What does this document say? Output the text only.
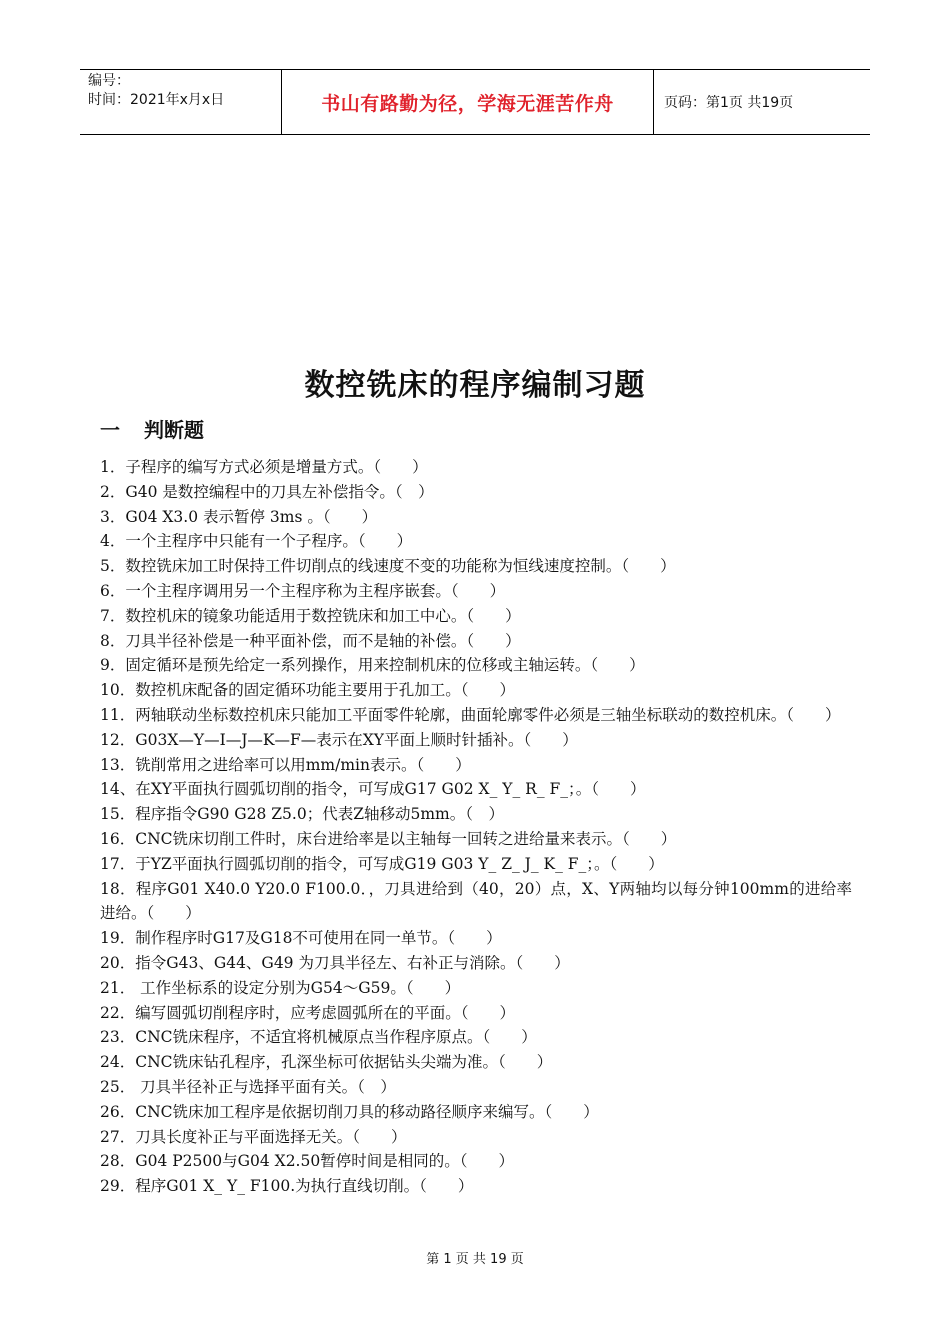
编号：
时间：2021年x月x日	书山有路勤为径，学海无涯苦作舟	页码：第1页 共19页
数控铣床的程序编制习题
一 判断题
1．子程序的编写方式必须是增量方式。（　　）
2．G40 是数控编程中的刀具左补偿指令。（　）
3．G04 X3.0 表示暂停 3ms 。（　　）
4．一个主程序中只能有一个子程序。（　　）
5．数控铣床加工时保持工件切削点的线速度不变的功能称为恒线速度控制。（　　）
6．一个主程序调用另一个主程序称为主程序嵌套。（　　）
7．数控机床的镜象功能适用于数控铣床和加工中心。（　　）
8．刀具半径补偿是一种平面补偿，而不是轴的补偿。（　　）
9．固定循环是预先给定一系列操作，用来控制机床的位移或主轴运转。（　　）
10．数控机床配备的固定循环功能主要用于孔加工。（　　）
11．两轴联动坐标数控机床只能加工平面零件轮廓，曲面轮廓零件必须是三轴坐标联动的数控机床。（　　）
12．G03X—Y—I—J—K—F—表示在XY平面上顺时针插补。（　　）
13．铣削常用之进给率可以用mm/min表示。（　　）
14、在XY平面执行圆弧切削的指令，可写成G17 G02 X_ Y_ R_ F_；。（　　）
15．程序指令G90 G28 Z5.0；代表Z轴移动5mm。（　）
16．CNC铣床切削工件时，床台进给率是以主轴每一回转之进给量来表示。（　　）
17．于YZ平面执行圆弧切削的指令，可写成G19 G03 Y_ Z_ J_ K_ F_；。（　　）
18．程序G01 X40.0 Y20.0 F100.0．，刀具进给到（40，20）点，X、Y两轴均以每分钟100mm的进给率进给。（　　）
19．制作程序时G17及G18不可使用在同一单节。（　　）
20．指令G43、G44、G49 为刀具半径左、右补正与消除。（　　）
21． 工作坐标系的设定分别为G54～G59。（　　）
22．编写圆弧切削程序时，应考虑圆弧所在的平面。（　　）
23．CNC铣床程序，不适宜将机械原点当作程序原点。（　　）
24．CNC铣床钻孔程序，孔深坐标可依据钻头尖端为准。（　　）
25． 刀具半径补正与选择平面有关。（　）
26．CNC铣床加工程序是依据切削刀具的移动路径顺序来编写。（　　）
27．刀具长度补正与平面选择无关。（　　）
28．G04 P2500与G04 X2.50暂停时间是相同的。（　　）
29．程序G01 X_ Y_ F100.为执行直线切削。（　　）
第 1 页 共 19 页
